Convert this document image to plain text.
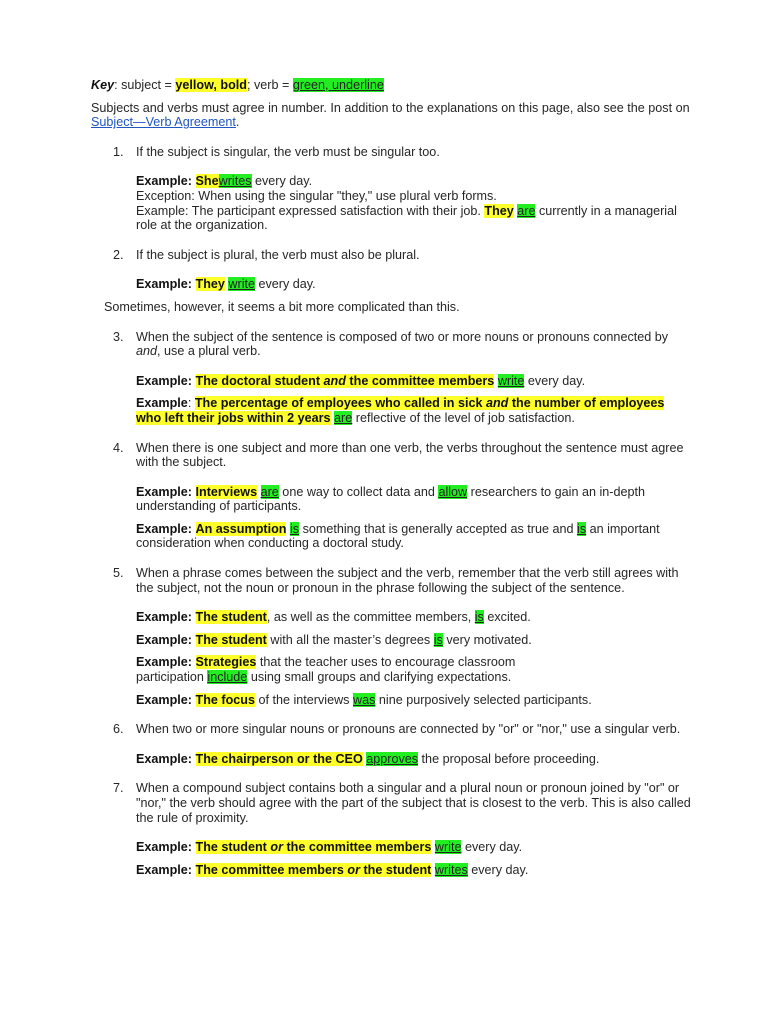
Key: subject = yellow, bold; verb = green, underline

Subjects and verbs must agree in number. In addition to the explanations on this page, also see the post on Subject—Verb Agreement.

1. If the subject is singular, the verb must be singular too.
Example: Shewrites every day.
Exception: When using the singular "they," use plural verb forms.
Example: The participant expressed satisfaction with their job. They are currently in a managerial role at the organization.
2. If the subject is plural, the verb must also be plural.
Example: They write every day.

Sometimes, however, it seems a bit more complicated than this.

3. When the subject of the sentence is composed of two or more nouns or pronouns connected by and, use a plural verb.
Example: The doctoral student and the committee members write every day.
Example: The percentage of employees who called in sick and the number of employees who left their jobs within 2 years are reflective of the level of job satisfaction.
4. When there is one subject and more than one verb, the verbs throughout the sentence must agree with the subject.
Example: Interviews are one way to collect data and allow researchers to gain an in-depth understanding of participants.
Example: An assumption is something that is generally accepted as true and is an important consideration when conducting a doctoral study.
5. When a phrase comes between the subject and the verb, remember that the verb still agrees with the subject, not the noun or pronoun in the phrase following the subject of the sentence.
Example: The student, as well as the committee members, is excited.
Example: The student with all the master’s degrees is very motivated.
Example: Strategies that the teacher uses to encourage classroom participation include using small groups and clarifying expectations.
Example: The focus of the interviews was nine purposively selected participants.
6. When two or more singular nouns or pronouns are connected by "or" or "nor," use a singular verb.
Example: The chairperson or the CEO approves the proposal before proceeding.
7. When a compound subject contains both a singular and a plural noun or pronoun joined by "or" or "nor," the verb should agree with the part of the subject that is closest to the verb. This is also called the rule of proximity.
Example: The student or the committee members write every day.
Example: The committee members or the student writes every day.
